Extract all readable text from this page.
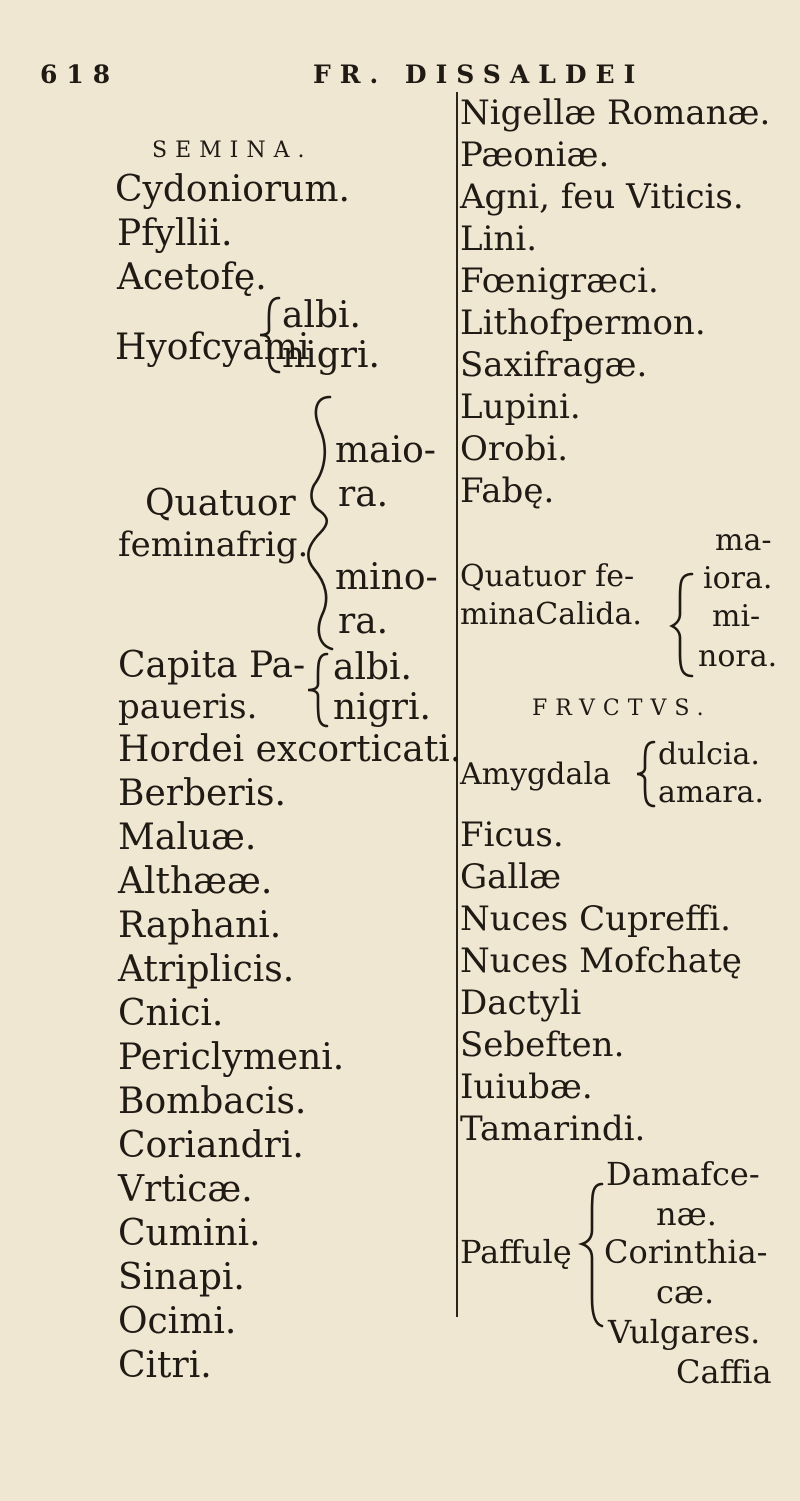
618	FR. DISSALDEI
SEMINA.
Cydoniorum.
Pfyllii.
Acetofę.
Hyofcyami
albi.
nigri.
Quatuor
feminafrig.
maio-
ra.
mino-
ra.
Capita Pa-
paueris.
albi.
nigri.
Hordei excorticati.
Berberis.
Maluæ.
Althææ.
Raphani.
Atriplicis.
Cnici.
Periclymeni.
Bombacis.
Coriandri.
Vrticæ.
Cumini.
Sinapi.
Ocimi.
Citri.
Nigellæ Romanæ.
Pæoniæ.
Agni, feu Viticis.
Lini.
Fœnigræci.
Lithofpermon.
Saxifragæ.
Lupini.
Orobi.
Fabę.
Quatuor fe-
minaCalida.
ma-
iora.
mi-
nora.
FRVCTVS.
Amygdala
dulcia.
amara.
Ficus.
Gallæ
Nuces Cupreffi.
Nuces Mofchatę
Dactyli
Sebeften.
Iuiubæ.
Tamarindi.
Damafce-
næ.
Paffulę Corinthia-
cæ.
Vulgares.
Caffia
